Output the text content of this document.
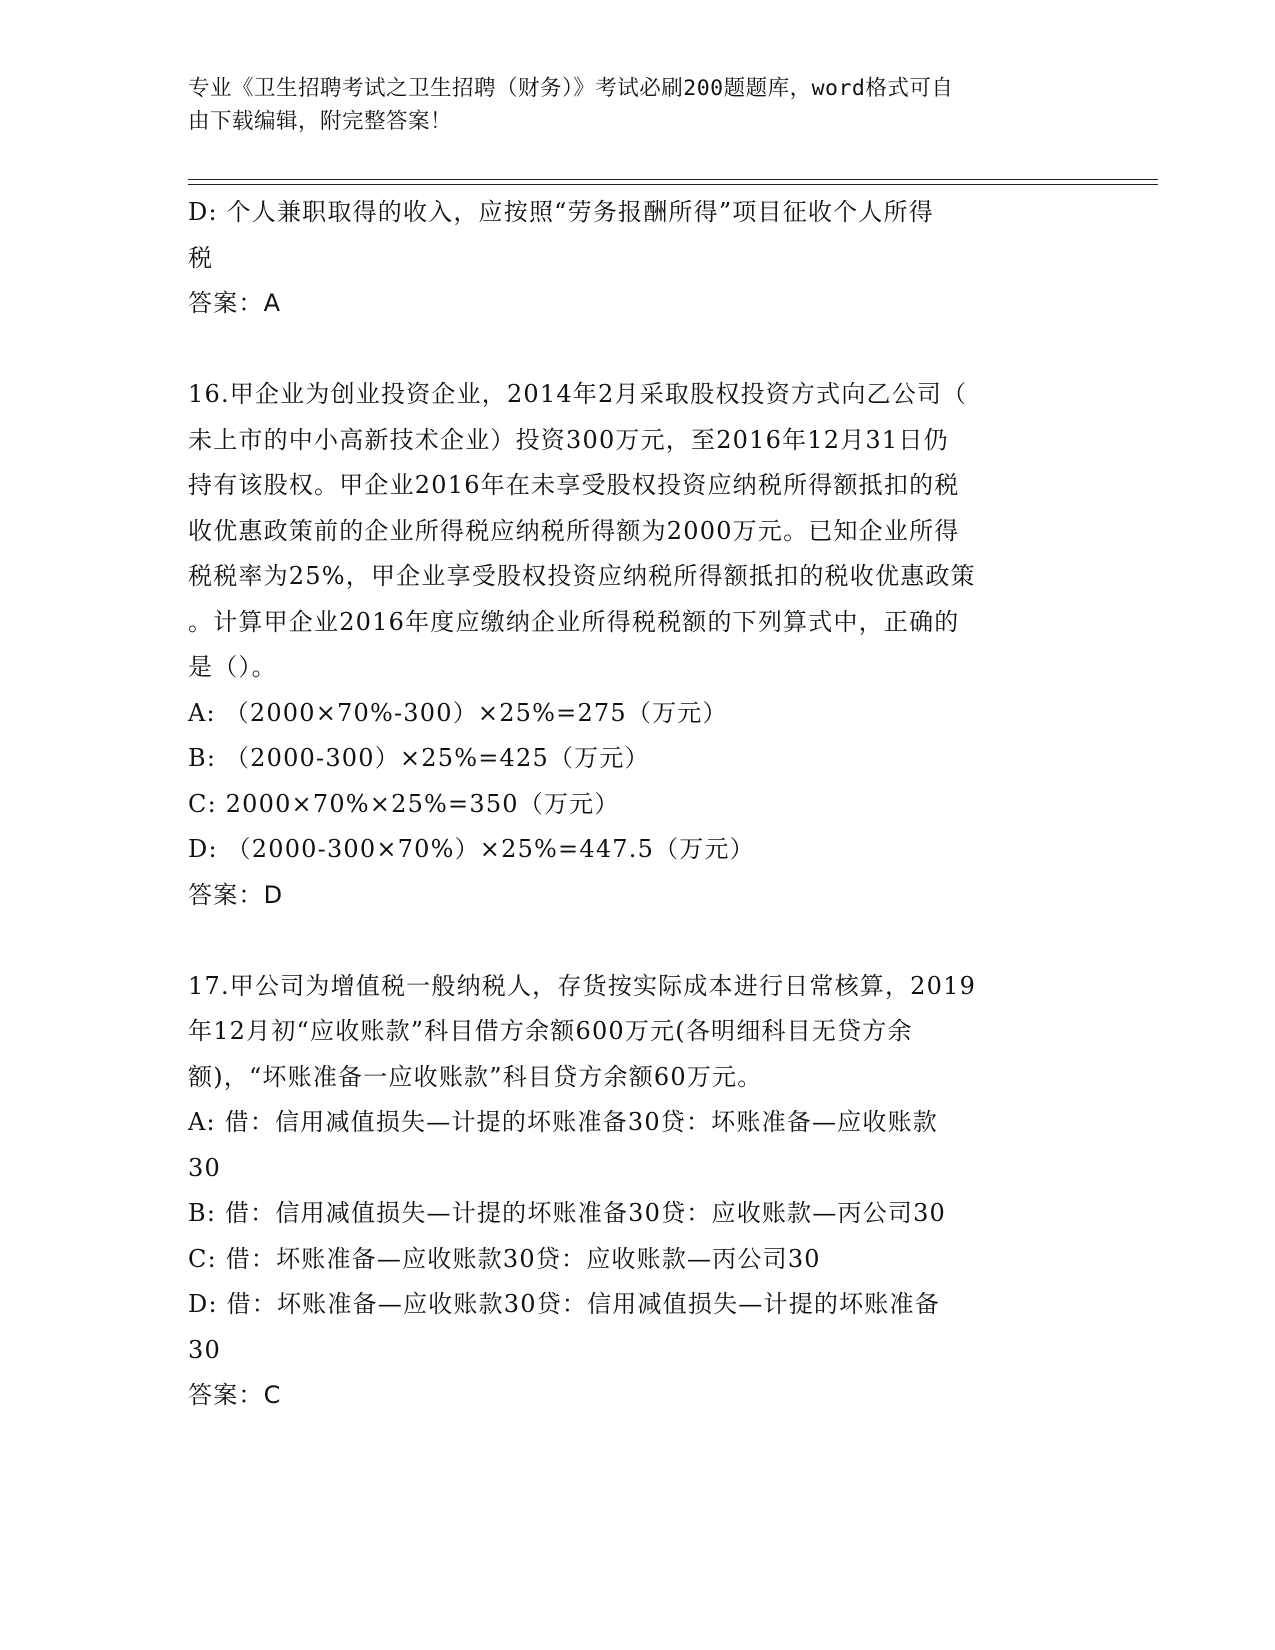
专业《卫生招聘考试之卫生招聘（财务）》考试必刷200题题库，word格式可自
由下载编辑，附完整答案！

D: 个人兼职取得的收入，应按照“劳务报酬所得”项目征收个人所得

税

答案：A

16.甲企业为创业投资企业，2014年2月采取股权投资方式向乙公司（

未上市的中小高新技术企业）投资300万元，至2016年12月31日仍

持有该股权。甲企业2016年在未享受股权投资应纳税所得额抵扣的税

收优惠政策前的企业所得税应纳税所得额为2000万元。已知企业所得

税税率为25%，甲企业享受股权投资应纳税所得额抵扣的税收优惠政策

。计算甲企业2016年度应缴纳企业所得税税额的下列算式中，正确的

是（）。

A: （2000×70%-300）×25%=275（万元）

B: （2000-300）×25%=425（万元）

C: 2000×70%×25%=350（万元）

D: （2000-300×70%）×25%=447.5（万元）

答案：D

17.甲公司为增值税一般纳税人，存货按实际成本进行日常核算，2019

年12月初“应收账款”科目借方余额600万元(各明细科目无贷方余

额)，“坏账准备一应收账款”科目贷方余额60万元。

A: 借：信用减值损失—计提的坏账准备30贷：坏账准备—应收账款

30

B: 借：信用减值损失—计提的坏账准备30贷：应收账款—丙公司30

C: 借：坏账准备—应收账款30贷：应收账款—丙公司30

D: 借：坏账准备—应收账款30贷：信用减值损失—计提的坏账准备

30

答案：C
